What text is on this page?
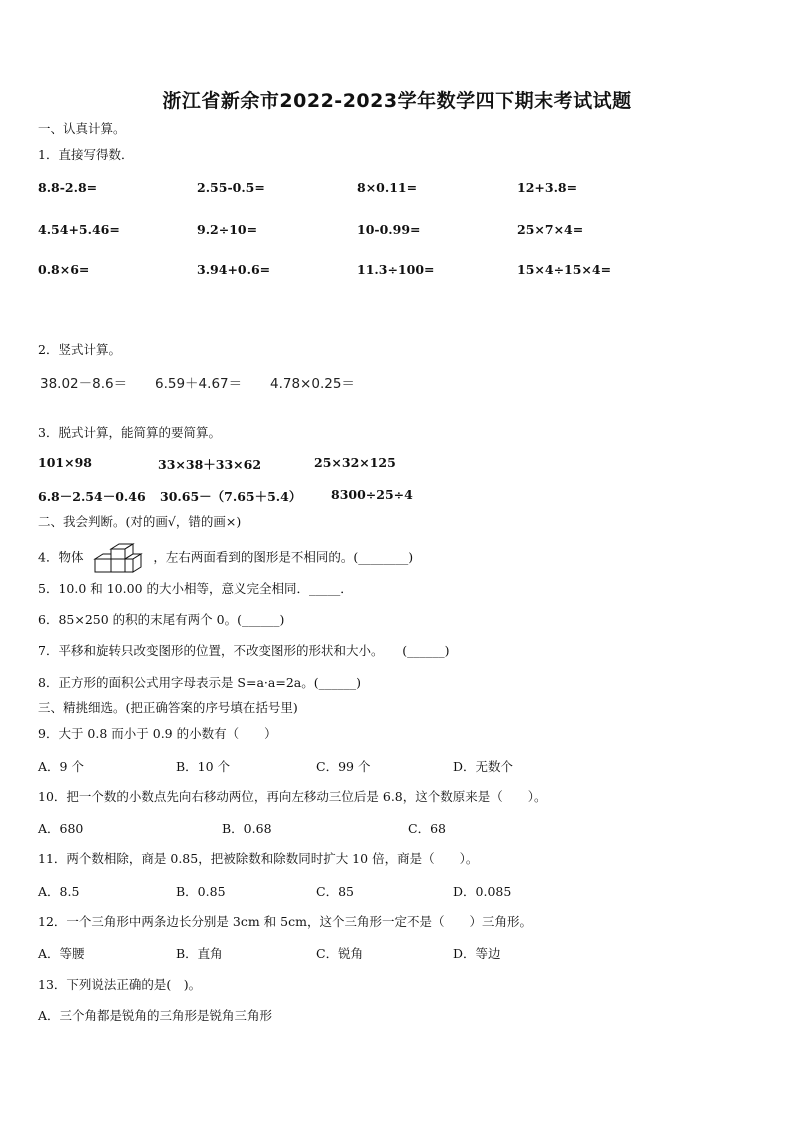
浙江省新余市2022-2023学年数学四下期末考试试题
一、认真计算。
1．直接写得数．
8.8-2.8=	2.55-0.5=	8×0.11=	12+3.8=
4.54+5.46=	9.2÷10=	10-0.99=	25×7×4=
0.8×6=	3.94+0.6=	11.3÷100=	15×4÷15×4=
2．竖式计算。
38.02－8.6＝ 6.59＋4.67＝ 4.78×0.25＝
3．脱式计算，能简算的要简算。
101×98	33×38＋33×62	25×32×125
6.8－2.54－0.46 30.65－（7.65＋5.4） 8300÷25÷4
二、我会判断。(对的画√，错的画×)
4．物体	，左右两面看到的图形是不相同的。(________)
5．10.0 和 10.00 的大小相等，意义完全相同．_____．
6．85×250 的积的末尾有两个 0。(______)
7．平移和旋转只改变图形的位置，不改变图形的形状和大小。　　(______)
8．正方形的面积公式用字母表示是 S=a·a=2a。(______)
三、精挑细选。(把正确答案的序号填在括号里)
9．大于 0.8 而小于 0.9 的小数有（　　）
A．9 个	B．10 个	C．99 个	D．无数个
10．把一个数的小数点先向右移动两位，再向左移动三位后是 6.8，这个数原来是（　　）。
A．680	B．0.68	C．68
11．两个数相除，商是 0.85，把被除数和除数同时扩大 10 倍，商是（　　）。
A．8.5	B．0.85	C．85	D．0.085
12．一个三角形中两条边长分别是 3cm 和 5cm，这个三角形一定不是（　　）三角形。
A．等腰	B．直角	C．锐角	D．等边
13．下列说法正确的是(　)。
A．三个角都是锐角的三角形是锐角三角形
